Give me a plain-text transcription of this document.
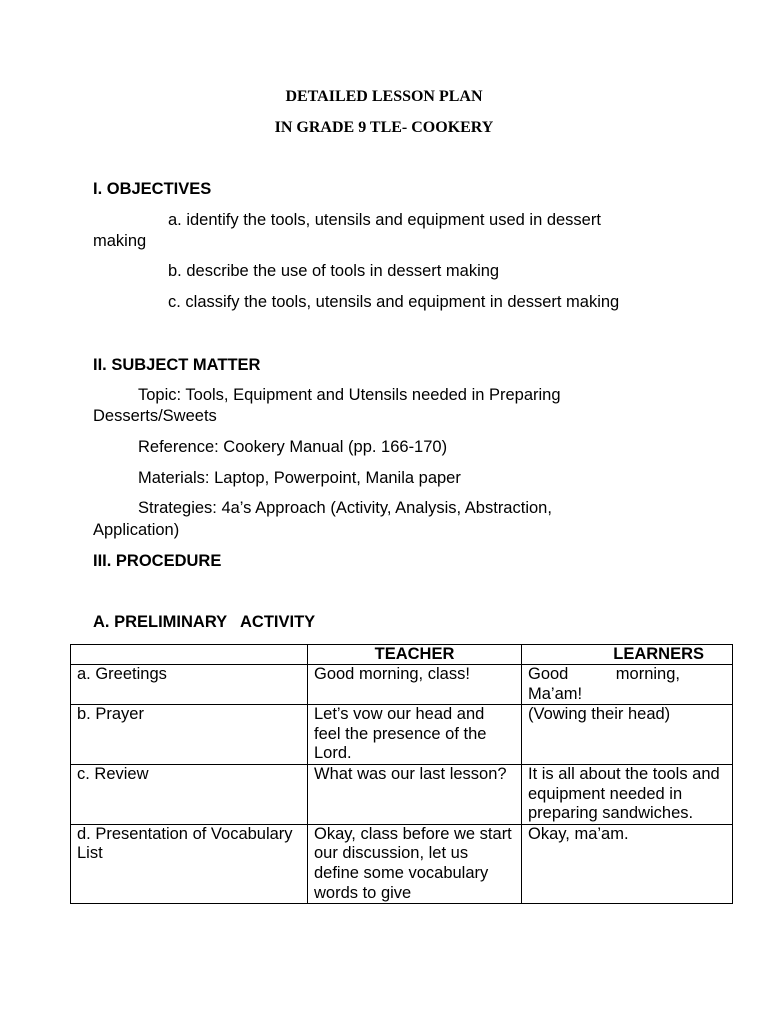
DETAILED LESSON PLAN
IN GRADE 9 TLE- COOKERY
I. OBJECTIVES
a. identify the tools, utensils and equipment used in dessert
making
b. describe the use of tools in dessert making
c. classify the tools, utensils and equipment in dessert making
II. SUBJECT MATTER
Topic: Tools, Equipment and Utensils needed in Preparing
Desserts/Sweets
Reference: Cookery Manual (pp. 166-170)
Materials: Laptop, Powerpoint, Manila paper
Strategies: 4a’s Approach (Activity, Analysis, Abstraction,
Application)
III. PROCEDURE
A. PRELIMINARY   ACTIVITY
	TEACHER	LEARNERS
a. Greetings	Good morning, class!	Good morning,
Ma’am!

b. Prayer	Let’s vow our head and feel the presence of the Lord.	(Vowing their head)
c. Review	What was our last lesson?	It is all about the tools and equipment needed in preparing sandwiches.
d. Presentation of Vocabulary List	Okay, class before we start our discussion, let us define some vocabulary words to give	Okay, ma’am.
